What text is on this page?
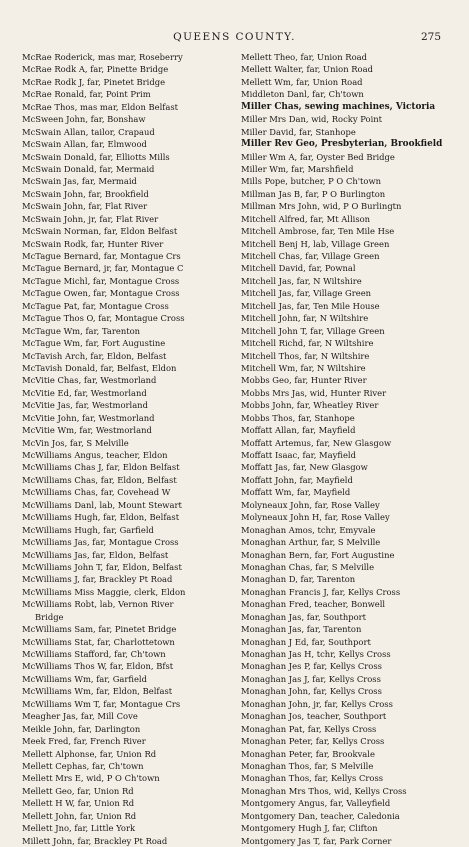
QUEENS COUNTY.	275
McRae Roderick, mas mar, Roseberry
McRae Rodk A, far, Pinette Bridge
McRae Rodk J, far, Pinetet Bridge
McRae Ronald, far, Point Prim
McRae Thos, mas mar, Eldon Belfast
McSween John, far, Bonshaw
McSwain Allan, tailor, Crapaud
McSwain Allan, far, Elmwood
McSwain Donald, far, Elliotts Mills
McSwain Donald, far, Mermaid
McSwain Jas, far, Mermaid
McSwain John, far, Brookfield
McSwain John, far, Flat River
McSwain John, jr, far, Flat River
McSwain Norman, far, Eldon Belfast
McSwain Rodk, far, Hunter River
McTague Bernard, far, Montague Crs
McTague Bernard, jr, far, Montague C
McTague Michl, far, Montague Cross
McTague Owen, far, Montague Cross
McTague Pat, far, Montague Cross
McTague Thos O, far, Montague Cross
McTague Wm, far, Tarenton
McTague Wm, far, Fort Augustine
McTavish Arch, far, Eldon, Belfast
McTavish Donald, far, Belfast, Eldon
McVitie Chas, far, Westmorland
McVitie Ed, far, Westmorland
McVitie Jas, far, Westmorland
McVitie John, far, Westmorland
McVitie Wm, far, Westmorland
McVin Jos, far, S Melville
McWilliams Angus, teacher, Eldon
McWilliams Chas J, far, Eldon Belfast
McWilliams Chas, far, Eldon, Belfast
McWilliams Chas, far, Covehead W
McWilliams Danl, lab, Mount Stewart
McWilliams Hugh, far, Eldon, Belfast
McWilliams Hugh, far, Garfield
McWilliams Jas, far, Montague Cross
McWilliams Jas, far, Eldon, Belfast
McWilliams John T, far, Eldon, Belfast
McWilliams J, far, Brackley Pt Road
McWilliams Miss Maggie, clerk, Eldon
McWilliams Robt, lab, Vernon River
Bridge
McWilliams Sam, far, Pinetet Bridge
McWilliams Stat, far, Charlottetown
McWilliams Stafford, far, Ch'town
McWilliams Thos W, far, Eldon, Bfst
McWilliams Wm, far, Garfield
McWilliams Wm, far, Eldon, Belfast
McWilliams Wm T, far, Montague Crs
Meagher Jas, far, Mill Cove
Meikle John, far, Darlington
Meek Fred, far, French River
Mellett Alphonse, far, Union Rd
Mellett Cephas, far, Ch'town
Mellett Mrs E, wid, P O Ch'town
Mellett Geo, far, Union Rd
Mellett H W, far, Union Rd
Mellett John, far, Union Rd
Mellett Jno, far, Little York
Millett John, far, Brackley Pt Road
Mellett Theo, far, Union Road
Mellett Walter, far, Union Road
Mellett Wm, far, Union Road
Middleton Danl, far, Ch'town
Miller Chas, sewing machines, Victoria
Miller Mrs Dan, wid, Rocky Point
Miller David, far, Stanhope
Miller Rev Geo, Presbyterian, Brookfield
Miller Wm A, far, Oyster Bed Bridge
Miller Wm, far, Marshfield
Mills Pope, butcher, P O Ch'town
Millman Jas B, far, P O Burlington
Millman Mrs John, wid, P O Burlingtn
Mitchell Alfred, far, Mt Allison
Mitchell Ambrose, far, Ten Mile Hse
Mitchell Benj H, lab, Village Green
Mitchell Chas, far, Village Green
Mitchell David, far, Pownal
Mitchell Jas, far, N Wiltshire
Mitchell Jas, far, Village Green
Mitchell Jas, far, Ten Mile House
Mitchell John, far, N Wiltshire
Mitchell John T, far, Village Green
Mitchell Richd, far, N Wiltshire
Mitchell Thos, far, N Wiltshire
Mitchell Wm, far, N Wiltshire
Mobbs Geo, far, Hunter River
Mobbs Mrs Jas, wid, Hunter River
Mobbs John, far, Wheatley River
Mobbs Thos, far, Stanhope
Moffatt Allan, far, Mayfield
Moffatt Artemus, far, New Glasgow
Moffatt Isaac, far, Mayfield
Moffatt Jas, far, New Glasgow
Moffatt John, far, Mayfield
Moffatt Wm, far, Mayfield
Molyneaux John, far, Rose Valley
Molyneaux John H, far, Rose Valley
Monaghan Amos, tchr, Emyvale
Monaghan Arthur, far, S Melville
Monaghan Bern, far, Fort Augustine
Monaghan Chas, far, S Melville
Monaghan D, far, Tarenton
Monaghan Francis J, far, Kellys Cross
Monaghan Fred, teacher, Bonwell
Monaghan Jas, far, Southport
Monaghan Jas, far, Tarenton
Monaghan J Ed, far, Southport
Monaghan Jas H, tchr, Kellys Cross
Monaghan Jes P, far, Kellys Cross
Monaghan Jas J, far, Kellys Cross
Monaghan John, far, Kellys Cross
Monaghan John, jr, far, Kellys Cross
Monaghan Jos, teacher, Southport
Monaghan Pat, far, Kellys Cross
Monaghan Peter, far, Kellys Cross
Monaghan Peter, far, Brookvale
Monaghan Thos, far, S Melville
Monaghan Thos, far, Kellys Cross
Monaghan Mrs Thos, wid, Kellys Cross
Montgomery Angus, far, Valleyfield
Montgomery Dan, teacher, Caledonia
Montgomery Hugh J, far, Clifton
Montgomery Jas T, far, Park Corner
